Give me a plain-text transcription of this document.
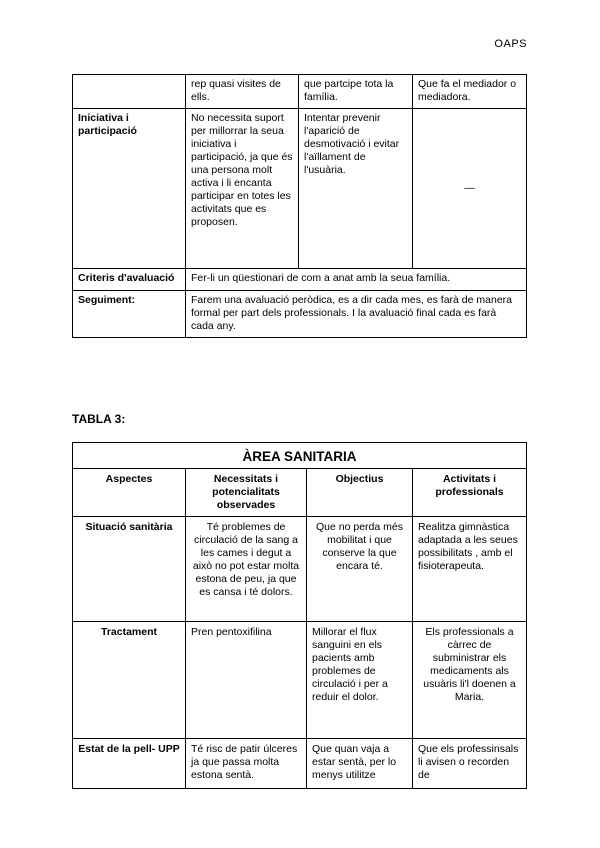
OAPS
	rep quasi visites de ells.	que partcipe tota la família.	Que fa el mediador o mediadora.
Iniciativa i participació	No necessita suport per millorrar la seua iniciativa i participació, ja que és una persona molt activa i li encanta participar en totes les activitats que es proposen.	Intentar prevenir l'aparició de desmotivació i evitar l'aïllament de l'usuària.	—
Criteris d'avaluació	Fer-li un qüestionari de com a anat amb la seua família.		
Seguiment:	Farem una avaluació peròdica, es a dir cada mes, es farà de manera formal per part dels professionals. I la avaluació final cada es farà cada any.		
TABLA 3:
ÀREA SANITARIA			
Aspectes	Necessitats i potencialitats observades	Objectius	Activitats i professionals
Situació sanitària	Té problemes de circulació de la sang a les cames i degut a això no pot estar molta estona de peu, ja que es cansa i té dolors.	Que no perda més mobilitat i que conserve la que encara té.	Realitza gimnàstica adaptada a les seues possibilitats , amb el fisioterapeuta.
Tractament	Pren pentoxifilina	Millorar el flux sanguini en els pacients amb problemes de circulació i per a reduir el dolor.	Els professionals a càrrec de subministrar els medicaments als usuàris li'l doenen a Maria.
Estat de la pell- UPP	Té risc de patir úlceres ja que passa molta estona sentà.	Que quan vaja a estar sentà, per lo menys utilitze	Que els professinsals li avisen o recorden de
